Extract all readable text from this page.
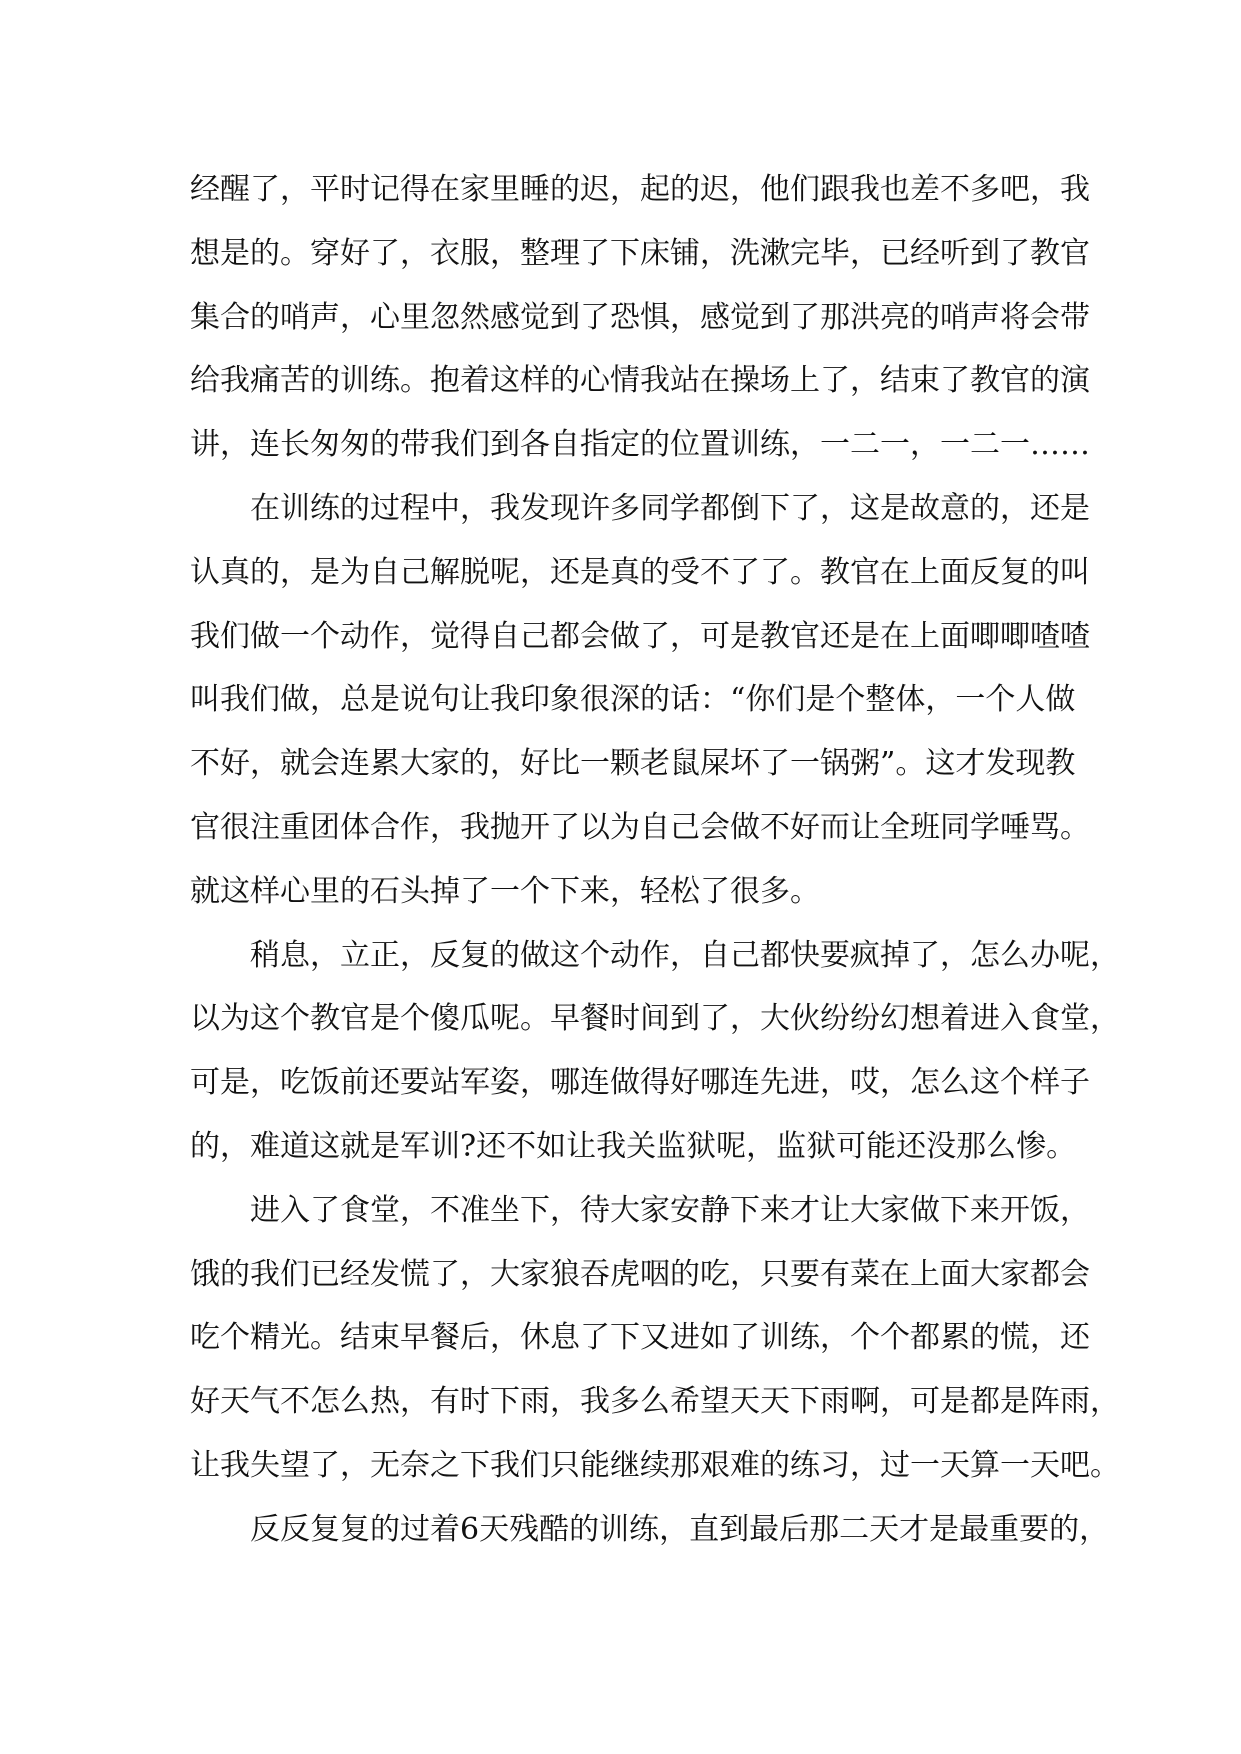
经醒了，平时记得在家里睡的迟，起的迟，他们跟我也差不多吧，我
想是的。穿好了，衣服，整理了下床铺，洗漱完毕，已经听到了教官
集合的哨声，心里忽然感觉到了恐惧，感觉到了那洪亮的哨声将会带
给我痛苦的训练。抱着这样的心情我站在操场上了，结束了教官的演
讲，连长匆匆的带我们到各自指定的位置训练，一二一，一二一……
在训练的过程中，我发现许多同学都倒下了，这是故意的，还是
认真的，是为自己解脱呢，还是真的受不了了。教官在上面反复的叫
我们做一个动作，觉得自己都会做了，可是教官还是在上面唧唧喳喳
叫我们做，总是说句让我印象很深的话：“你们是个整体，一个人做
不好，就会连累大家的，好比一颗老鼠屎坏了一锅粥”。这才发现教
官很注重团体合作，我抛开了以为自己会做不好而让全班同学唾骂。
就这样心里的石头掉了一个下来，轻松了很多。
稍息，立正，反复的做这个动作，自己都快要疯掉了，怎么办呢，
以为这个教官是个傻瓜呢。早餐时间到了，大伙纷纷幻想着进入食堂，
可是，吃饭前还要站军姿，哪连做得好哪连先进，哎，怎么这个样子
的，难道这就是军训?还不如让我关监狱呢，监狱可能还没那么惨。
进入了食堂，不准坐下，待大家安静下来才让大家做下来开饭，
饿的我们已经发慌了，大家狼吞虎咽的吃，只要有菜在上面大家都会
吃个精光。结束早餐后，休息了下又进如了训练，个个都累的慌，还
好天气不怎么热，有时下雨，我多么希望天天下雨啊，可是都是阵雨，
让我失望了，无奈之下我们只能继续那艰难的练习，过一天算一天吧。
反反复复的过着6天残酷的训练，直到最后那二天才是最重要的，
